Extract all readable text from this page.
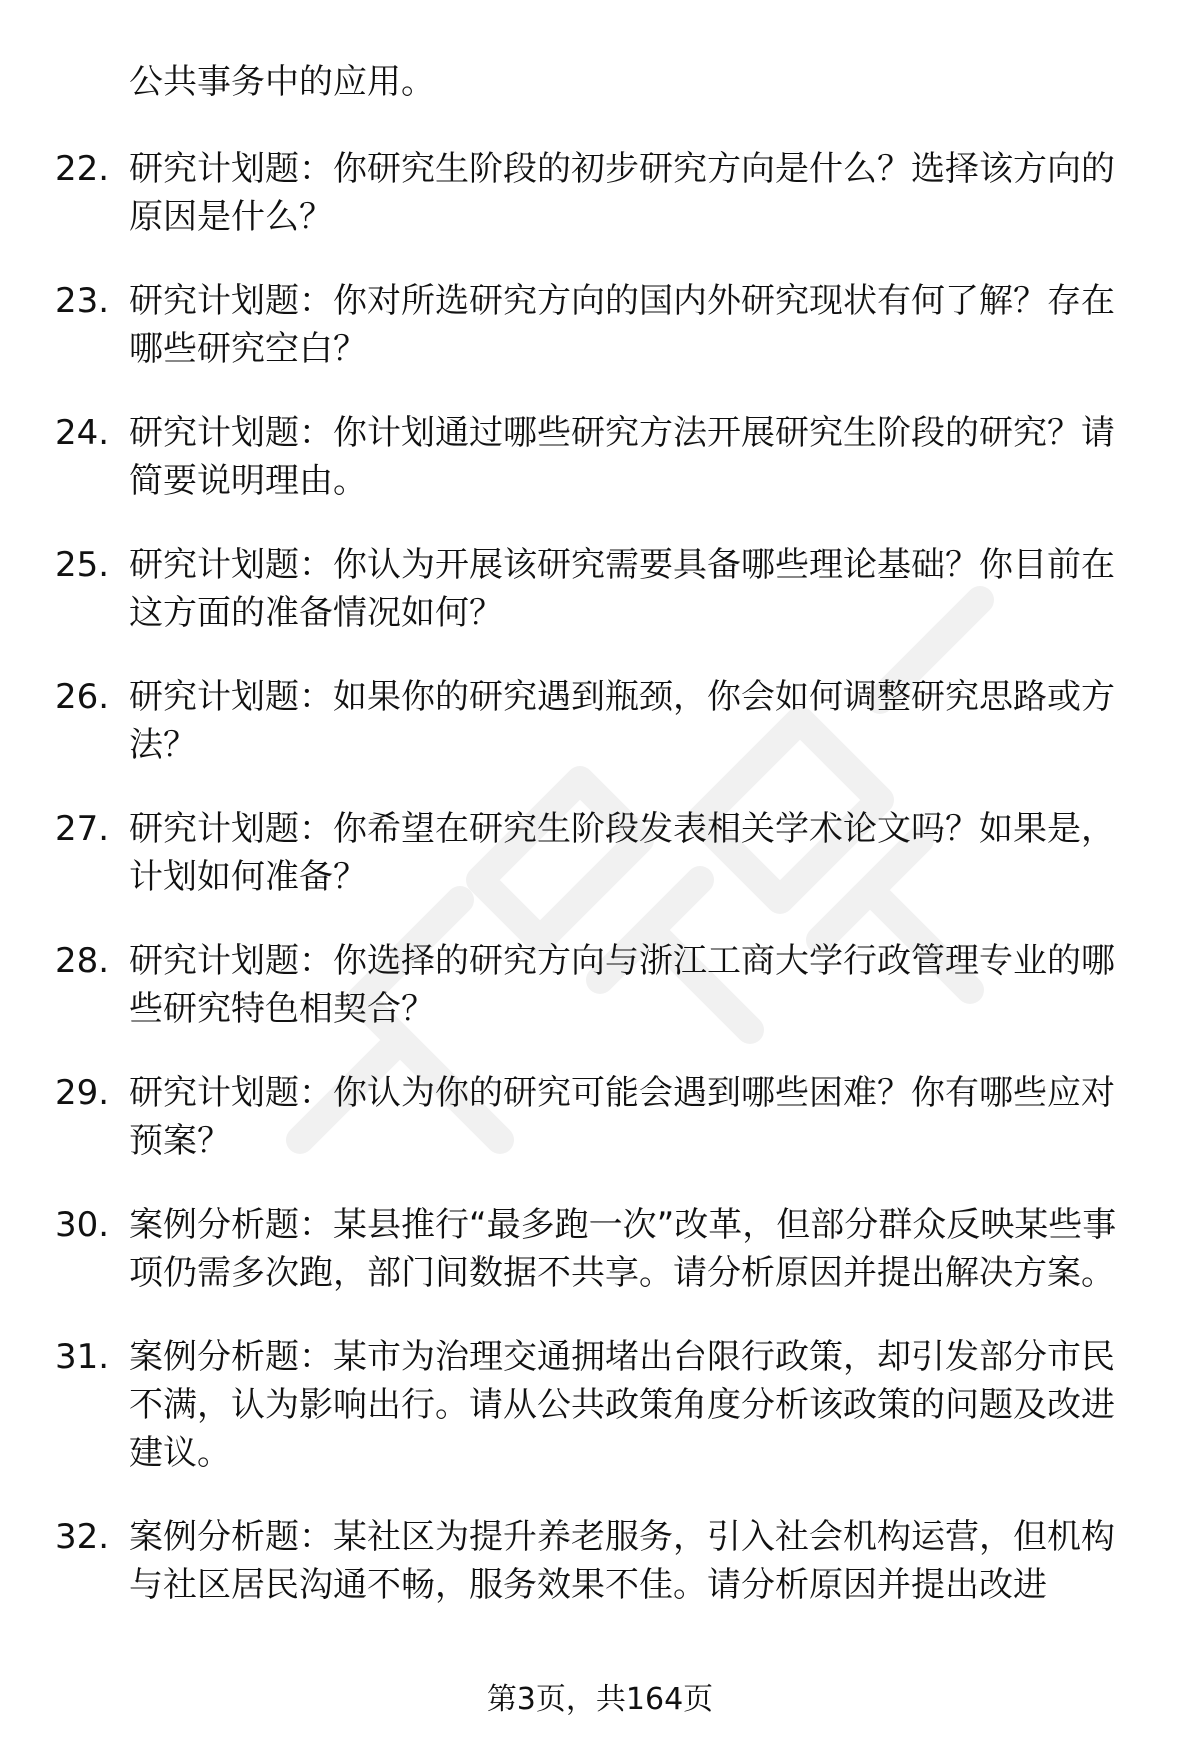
公共事务中的应用。
22. 研究计划题：你研究生阶段的初步研究方向是什么？选择该方向的原因是什么？
23. 研究计划题：你对所选研究方向的国内外研究现状有何了解？存在哪些研究空白？
24. 研究计划题：你计划通过哪些研究方法开展研究生阶段的研究？请简要说明理由。
25. 研究计划题：你认为开展该研究需要具备哪些理论基础？你目前在这方面的准备情况如何？
26. 研究计划题：如果你的研究遇到瓶颈，你会如何调整研究思路或方法？
27. 研究计划题：你希望在研究生阶段发表相关学术论文吗？如果是，计划如何准备？
28. 研究计划题：你选择的研究方向与浙江工商大学行政管理专业的哪些研究特色相契合？
29. 研究计划题：你认为你的研究可能会遇到哪些困难？你有哪些应对预案？
30. 案例分析题：某县推行“最多跑一次”改革，但部分群众反映某些事项仍需多次跑，部门间数据不共享。请分析原因并提出解决方案。
31. 案例分析题：某市为治理交通拥堵出台限行政策，却引发部分市民不满，认为影响出行。请从公共政策角度分析该政策的问题及改进建议。
32. 案例分析题：某社区为提升养老服务，引入社会机构运营，但机构与社区居民沟通不畅，服务效果不佳。请分析原因并提出改进
第3页，共164页
